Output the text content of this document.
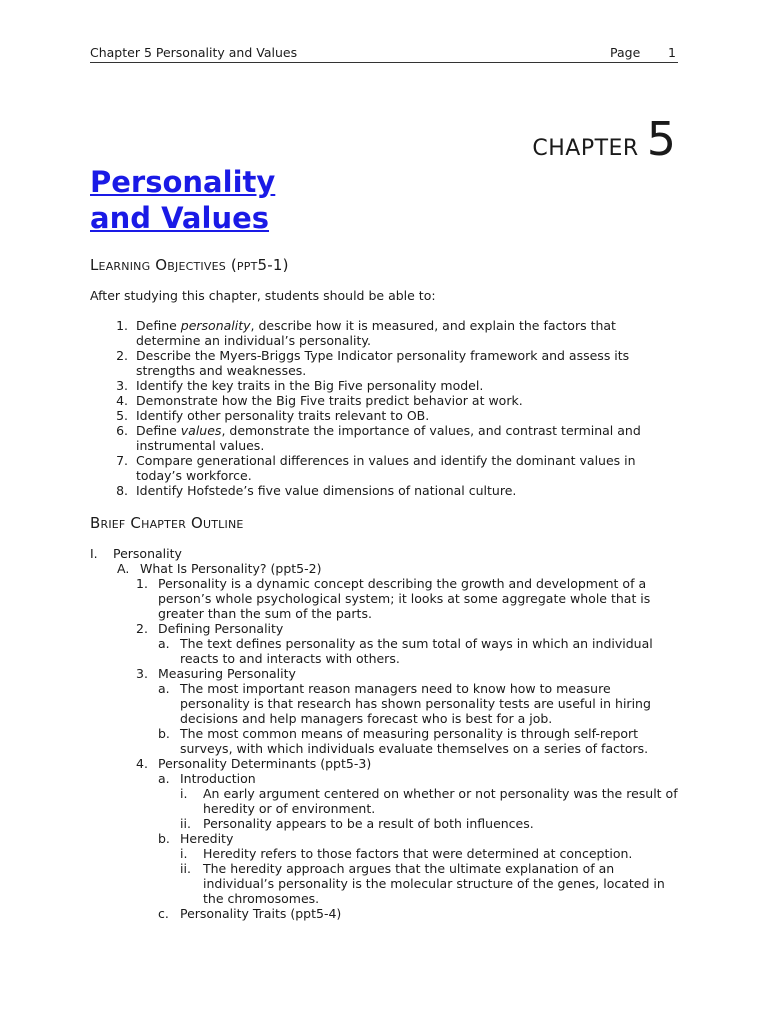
Chapter 5 Personality and Values	Page 1
CHAPTER 5
Personality
and Values
Learning Objectives (ppt5-1)
After studying this chapter, students should be able to:
1. Define personality, describe how it is measured, and explain the factors that determine an individual’s personality.
2. Describe the Myers-Briggs Type Indicator personality framework and assess its strengths and weaknesses.
3. Identify the key traits in the Big Five personality model.
4. Demonstrate how the Big Five traits predict behavior at work.
5. Identify other personality traits relevant to OB.
6. Define values, demonstrate the importance of values, and contrast terminal and instrumental values.
7. Compare generational differences in values and identify the dominant values in today’s workforce.
8. Identify Hofstede’s five value dimensions of national culture.
Brief Chapter Outline
I. Personality
A. What Is Personality? (ppt5-2)
1. Personality is a dynamic concept describing the growth and development of a person’s whole psychological system; it looks at some aggregate whole that is greater than the sum of the parts.
2. Defining Personality
a. The text defines personality as the sum total of ways in which an individual reacts to and interacts with others.
3. Measuring Personality
a. The most important reason managers need to know how to measure personality is that research has shown personality tests are useful in hiring decisions and help managers forecast who is best for a job.
b. The most common means of measuring personality is through self-report surveys, with which individuals evaluate themselves on a series of factors.
4. Personality Determinants (ppt5-3)
a. Introduction
i. An early argument centered on whether or not personality was the result of heredity or of environment.
ii. Personality appears to be a result of both influences.
b. Heredity
i. Heredity refers to those factors that were determined at conception.
ii. The heredity approach argues that the ultimate explanation of an individual’s personality is the molecular structure of the genes, located in the chromosomes.
c. Personality Traits (ppt5-4)
